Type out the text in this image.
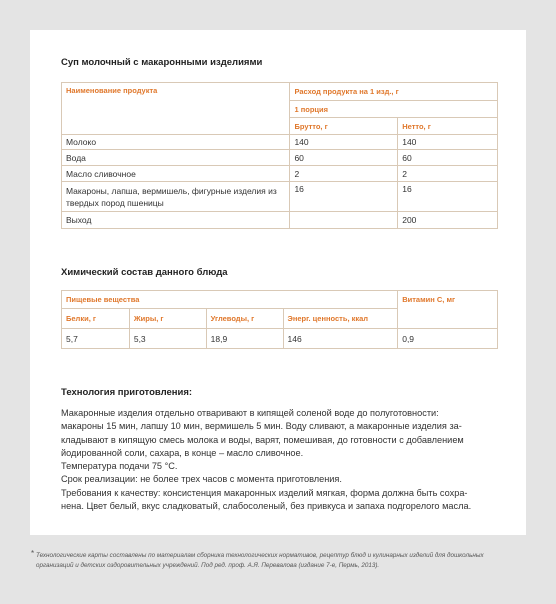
Суп молочный с макаронными изделиями
Наименование продукта	Расход продукта на 1 изд., г	
	1 порция	
	Брутто, г	Нетто, г
Молоко	140	140
Вода	60	60
Масло сливочное	2	2
Макароны, лапша, вермишель, фигурные изделия из твердых пород пшеницы	16	16
Выход		200
Химический состав данного блюда
Пищевые вещества				Витамин С, мг
Белки, г	Жиры, г	Углеводы, г	Энерг. ценность, ккал	
5,7	5,3	18,9	146	0,9
Технология приготовления:

Макаронные изделия отдельно отваривают в кипящей соленой воде до полуготовности:

макароны 15 мин, лапшу 10 мин, вермишель 5 мин. Воду сливают, а макаронные изделия за-

кладывают в кипящую смесь молока и воды, варят, помешивая, до готовности с добавлением

йодированной соли, сахара, в конце – масло сливочное.

Температура подачи 75 °С.

Срок реализации: не более трех часов с момента приготовления.

Требования к качеству: консистенция макаронных изделий мягкая, форма должна быть сохра-

нена. Цвет белый, вкус сладковатый, слабосоленый, без привкуса и запаха подгорелого масла.

* Технологические карты составлены по материалам сборника технологических нормативов, рецептур блюд и кулинарных изделий для дошкольных организаций и детских оздоровительных учреждений. Под ред. проф. А.Я. Перевалова (издание 7-е, Пермь, 2013).
